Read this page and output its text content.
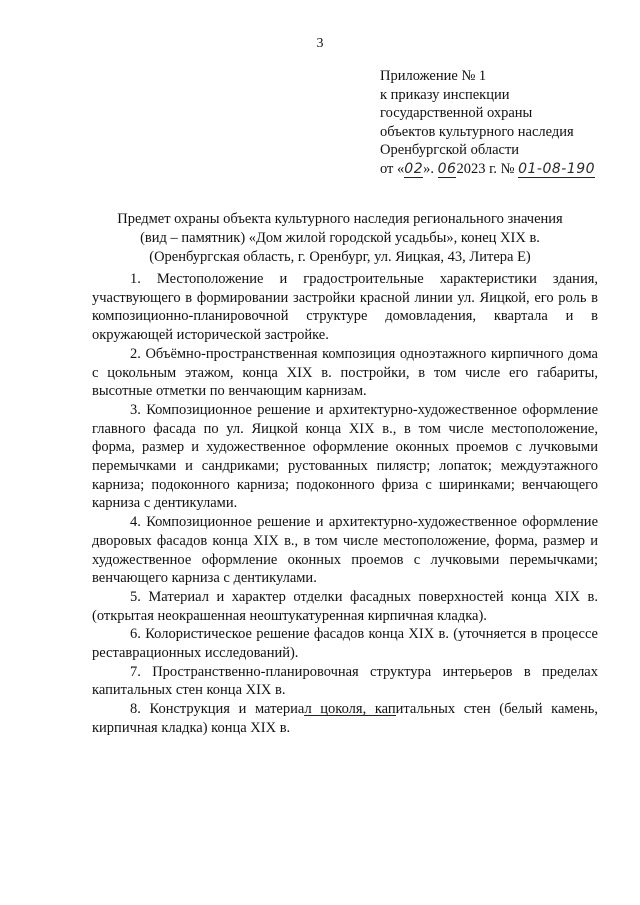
3
Приложение № 1
к приказу инспекции
государственной охраны
объектов культурного наследия
Оренбургской области
от «02». 062023 г. № 01-08-190
Предмет охраны объекта культурного наследия регионального значения
(вид – памятник) «Дом жилой городской усадьбы», конец XIX в.
(Оренбургская область, г. Оренбург, ул. Яицкая, 43, Литера Е)

1. Местоположение и градостроительные характеристики здания, участвующего в формировании застройки красной линии ул. Яицкой, его роль в композиционно-планировочной структуре домовладения, квартала и в окружающей исторической застройке.

2. Объёмно-пространственная композиция одноэтажного кирпичного дома с цокольным этажом, конца XIX в. постройки, в том числе его габариты, высотные отметки по венчающим карнизам.

3. Композиционное решение и архитектурно-художественное оформление главного фасада по ул. Яицкой конца XIX в., в том числе местоположение, форма, размер и художественное оформление оконных проемов с лучковыми перемычками и сандриками; рустованных пилястр; лопаток; междуэтажного карниза; подоконного карниза; подоконного фриза с ширинками; венчающего карниза с дентикулами.

4. Композиционное решение и архитектурно-художественное оформление дворовых фасадов конца XIX в., в том числе местоположение, форма, размер и художественное оформление оконных проемов с лучковыми перемычками; венчающего карниза с дентикулами.

5. Материал и характер отделки фасадных поверхностей конца XIX в. (открытая неокрашенная неоштукатуренная кирпичная кладка).

6. Колористическое решение фасадов конца XIX в. (уточняется в процессе реставрационных исследований).

7. Пространственно-планировочная структура интерьеров в пределах капитальных стен конца XIX в.

8. Конструкция и материал цоколя, капитальных стен (белый камень, кирпичная кладка) конца XIX в.
